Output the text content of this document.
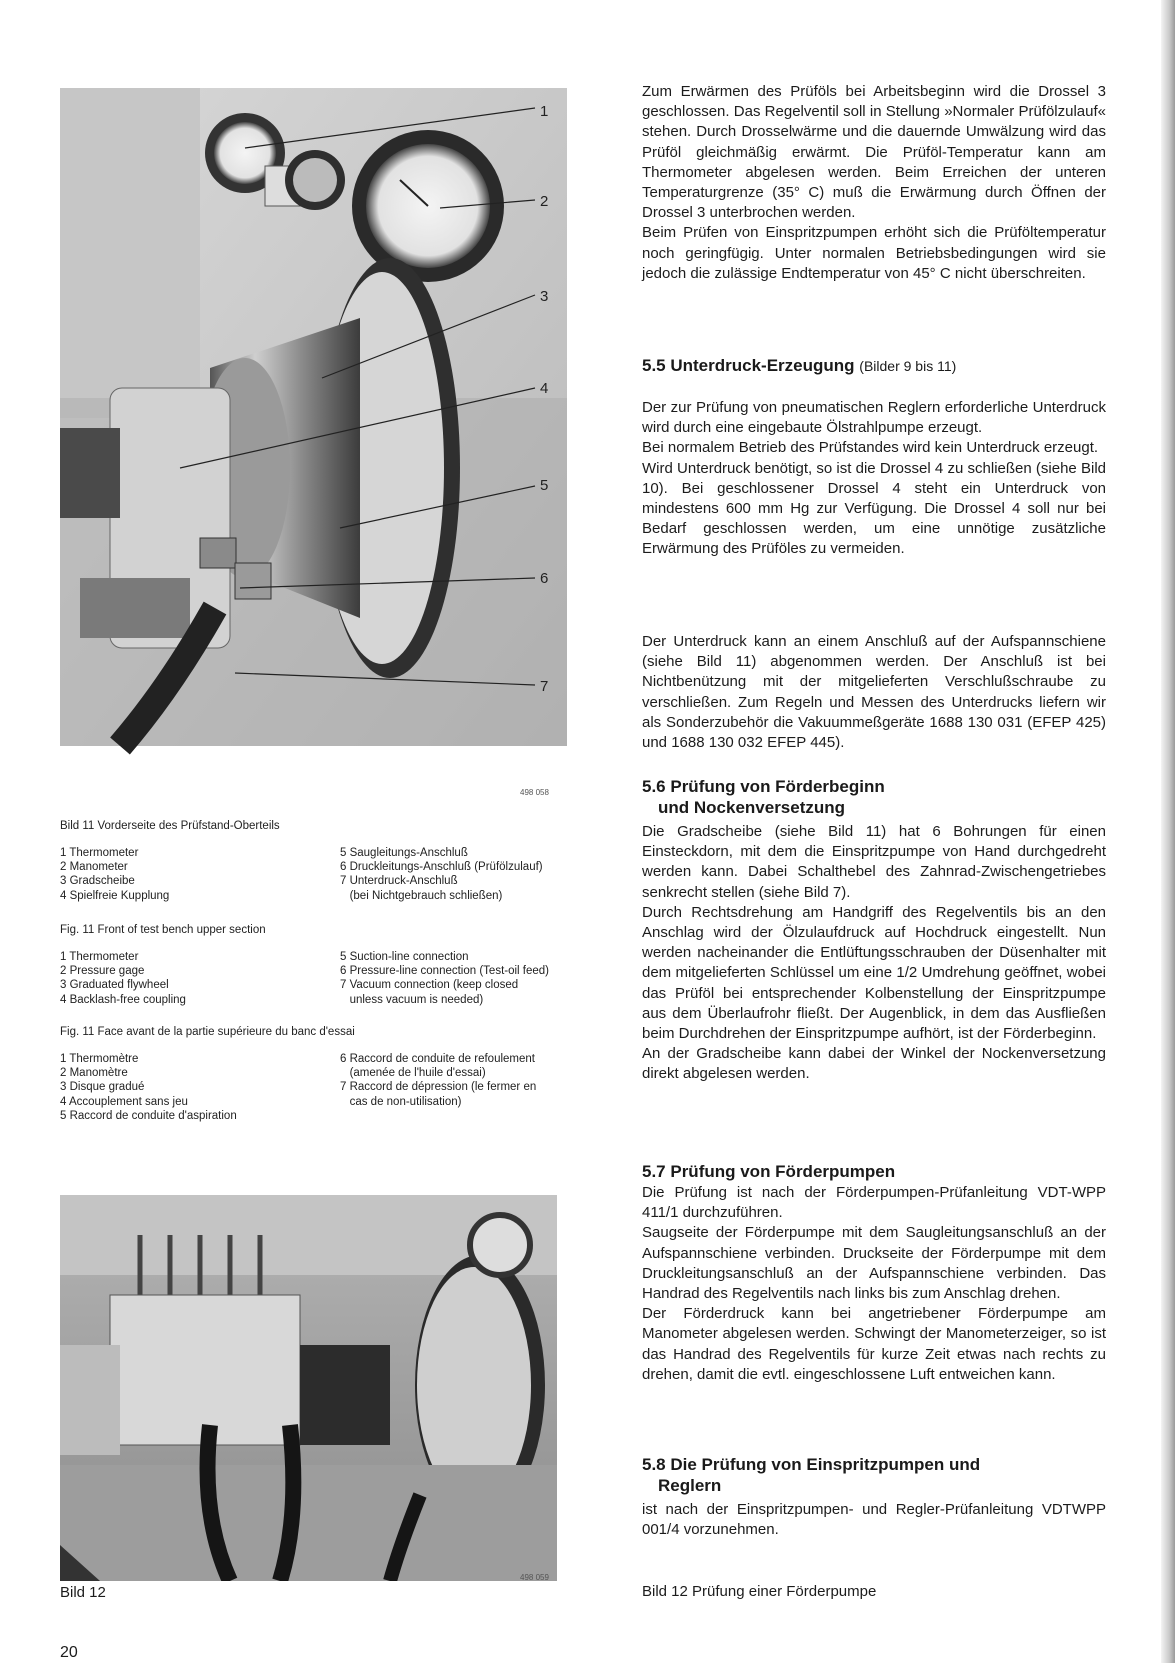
1
2
3
4
5
6
7
498 058
Bild 11 Vorderseite des Prüfstand-Oberteils
1 Thermometer
2 Manometer
3 Gradscheibe
4 Spielfreie Kupplung
5 Saugleitungs-Anschluß
6 Druckleitungs-Anschluß (Prüfölzulauf)
7 Unterdruck-Anschluß
(bei Nichtgebrauch schließen)
Fig. 11 Front of test bench upper section
1 Thermometer
2 Pressure gage
3 Graduated flywheel
4 Backlash-free coupling
5 Suction-line connection
6 Pressure-line connection (Test-oil feed)
7 Vacuum connection (keep closed
unless vacuum is needed)
Fig. 11 Face avant de la partie supérieure du banc d'essai
1 Thermomètre
2 Manomètre
3 Disque gradué
4 Accouplement sans jeu
5 Raccord de conduite d'aspiration
6 Raccord de conduite de refoulement
(amenée de l'huile d'essai)
7 Raccord de dépression (le fermer en
cas de non-utilisation)
498 059
Bild 12

Zum Erwärmen des Prüföls bei Arbeitsbeginn wird die Drossel 3 geschlossen. Das Regelventil soll in Stellung »Normaler Prüfölzulauf« stehen. Durch Drosselwärme und die dauernde Umwälzung wird das Prüföl gleichmäßig erwärmt. Die Prüföl-Temperatur kann am Thermometer abgelesen werden. Beim Erreichen der unteren Temperaturgrenze (35° C) muß die Erwärmung durch Öffnen der Drossel 3 unterbrochen werden.

Beim Prüfen von Einspritzpumpen erhöht sich die Prüföltemperatur noch geringfügig. Unter normalen Betriebsbedingungen wird sie jedoch die zulässige Endtemperatur von 45° C nicht überschreiten.

5.5 Unterdruck-Erzeugung (Bilder 9 bis 11)

Der zur Prüfung von pneumatischen Reglern erforderliche Unterdruck wird durch eine eingebaute Ölstrahlpumpe erzeugt.

Bei normalem Betrieb des Prüfstandes wird kein Unterdruck erzeugt.

Wird Unterdruck benötigt, so ist die Drossel 4 zu schließen (siehe Bild 10). Bei geschlossener Drossel 4 steht ein Unterdruck von mindestens 600 mm Hg zur Verfügung. Die Drossel 4 soll nur bei Bedarf geschlossen werden, um eine unnötige zusätzliche Erwärmung des Prüföles zu vermeiden.

Der Unterdruck kann an einem Anschluß auf der Aufspannschiene (siehe Bild 11) abgenommen werden. Der Anschluß ist bei Nichtbenützung mit der mitgelieferten Verschlußschraube zu verschließen. Zum Regeln und Messen des Unterdrucks liefern wir als Sonderzubehör die Vakuummeßgeräte 1688 130 031 (EFEP 425) und 1688 130 032 EFEP 445).

5.6 Prüfung von Förderbeginn
und Nockenversetzung

Die Gradscheibe (siehe Bild 11) hat 6 Bohrungen für einen Einsteckdorn, mit dem die Einspritzpumpe von Hand durchgedreht werden kann. Dabei Schalthebel des Zahnrad-Zwischengetriebes senkrecht stellen (siehe Bild 7).

Durch Rechtsdrehung am Handgriff des Regelventils bis an den Anschlag wird der Ölzulaufdruck auf Hochdruck eingestellt. Nun werden nacheinander die Entlüftungsschrauben der Düsenhalter mit dem mitgelieferten Schlüssel um eine 1/2 Umdrehung geöffnet, wobei das Prüföl bei entsprechender Kolbenstellung der Einspritzpumpe aus dem Überlaufrohr fließt. Der Augenblick, in dem das Ausfließen beim Durchdrehen der Einspritzpumpe aufhört, ist der Förderbeginn.

An der Gradscheibe kann dabei der Winkel der Nockenversetzung direkt abgelesen werden.

5.7 Prüfung von Förderpumpen

Die Prüfung ist nach der Förderpumpen-Prüfanleitung VDT-WPP 411/1 durchzuführen.

Saugseite der Förderpumpe mit dem Saugleitungsanschluß an der Aufspannschiene verbinden. Druckseite der Förderpumpe mit dem Druckleitungsanschluß an der Aufspannschiene verbinden. Das Handrad des Regelventils nach links bis zum Anschlag drehen.

Der Förderdruck kann bei angetriebener Förderpumpe am Manometer abgelesen werden. Schwingt der Manometerzeiger, so ist das Handrad des Regelventils für kurze Zeit etwas nach rechts zu drehen, damit die evtl. eingeschlossene Luft entweichen kann.

5.8 Die Prüfung von Einspritzpumpen und
Reglern

ist nach der Einspritzpumpen- und Regler-Prüfanleitung VDTWPP 001/4 vorzunehmen.

Bild 12 Prüfung einer Förderpumpe
20
